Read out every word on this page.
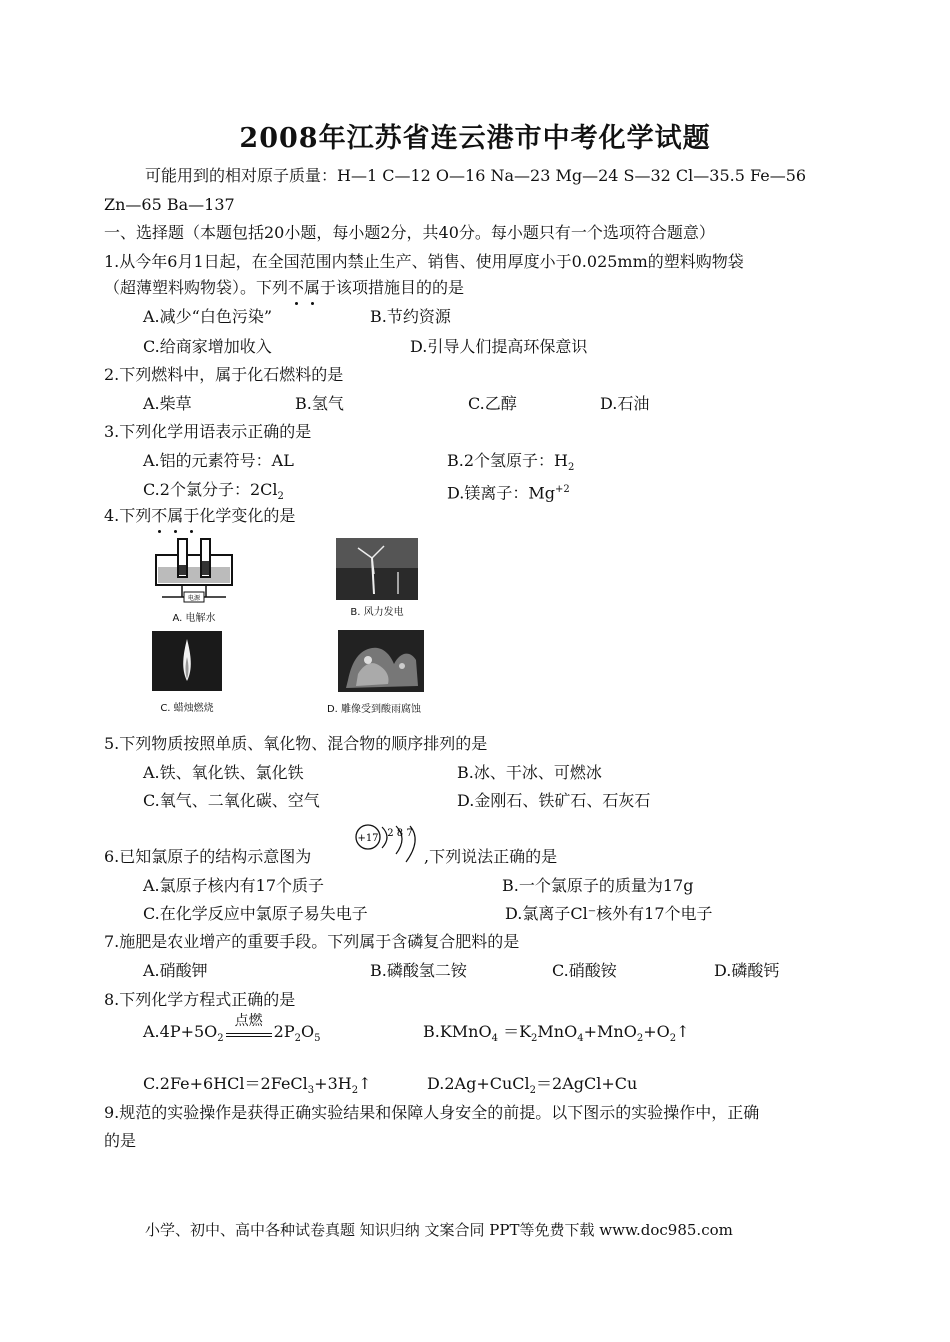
2008年江苏省连云港市中考化学试题
可能用到的相对原子质量：H—1 C—12 O—16 Na—23 Mg—24 S—32 Cl—35.5 Fe—56
Zn—65 Ba—137
一、选择题（本题包括20小题，每小题2分，共40分。每小题只有一个选项符合题意）
1.从今年6月1日起，在全国范围内禁止生产、销售、使用厚度小于0.025mm的塑料购物袋
（超薄塑料购物袋）。下列不属于该项措施目的的是
A.减少“白色污染”	B.节约资源
C.给商家增加收入	D.引导人们提高环保意识
2.下列燃料中，属于化石燃料的是
A.柴草	B.氢气	C.乙醇	D.石油
3.下列化学用语表示正确的是
A.铝的元素符号：AL	B.2个氢原子：$H_2$
C.2个氯分子：$2Cl_2$	D.镁离子：$Mg^{+2}$
4.下列不属于化学变化的是
电源
A. 电解水
B. 风力发电
C. 蜡烛燃烧	D. 雕像受到酸雨腐蚀
5.下列物质按照单质、氧化物、混合物的顺序排列的是
A.铁、氧化铁、氯化铁	B.冰、干冰、可燃冰
C.氧气、二氧化碳、空气	D.金刚石、铁矿石、石灰石
6.已知氯原子的结构示意图为
+17 2 8 7
,下列说法正确的是
A.氯原子核内有17个质子	B.一个氯原子的质量为17g
C.在化学反应中氯原子易失电子	D.氯离子Cl⁻核外有17个电子
7.施肥是农业增产的重要手段。下列属于含磷复合肥料的是
A.硝酸钾	B.磷酸氢二铵	C.硝酸铵	D.磷酸钙
8.下列化学方程式正确的是
$A.4P+5O_2$
点燃
$2P_2O_5$	B.KMnO$_4$ $=K_2MnO_4+MnO_2+O_2↑$
$C.2Fe+6HCl=2FeCl_3+3H_2↑$	D.2Ag+CuCl$_2$＝2AgCl+Cu
9.规范的实验操作是获得正确实验结果和保障人身安全的前提。以下图示的实验操作中，正确
的是
小学、初中、高中各种试卷真题 知识归纳 文案合同 PPT等免费下载 www.doc985.com
